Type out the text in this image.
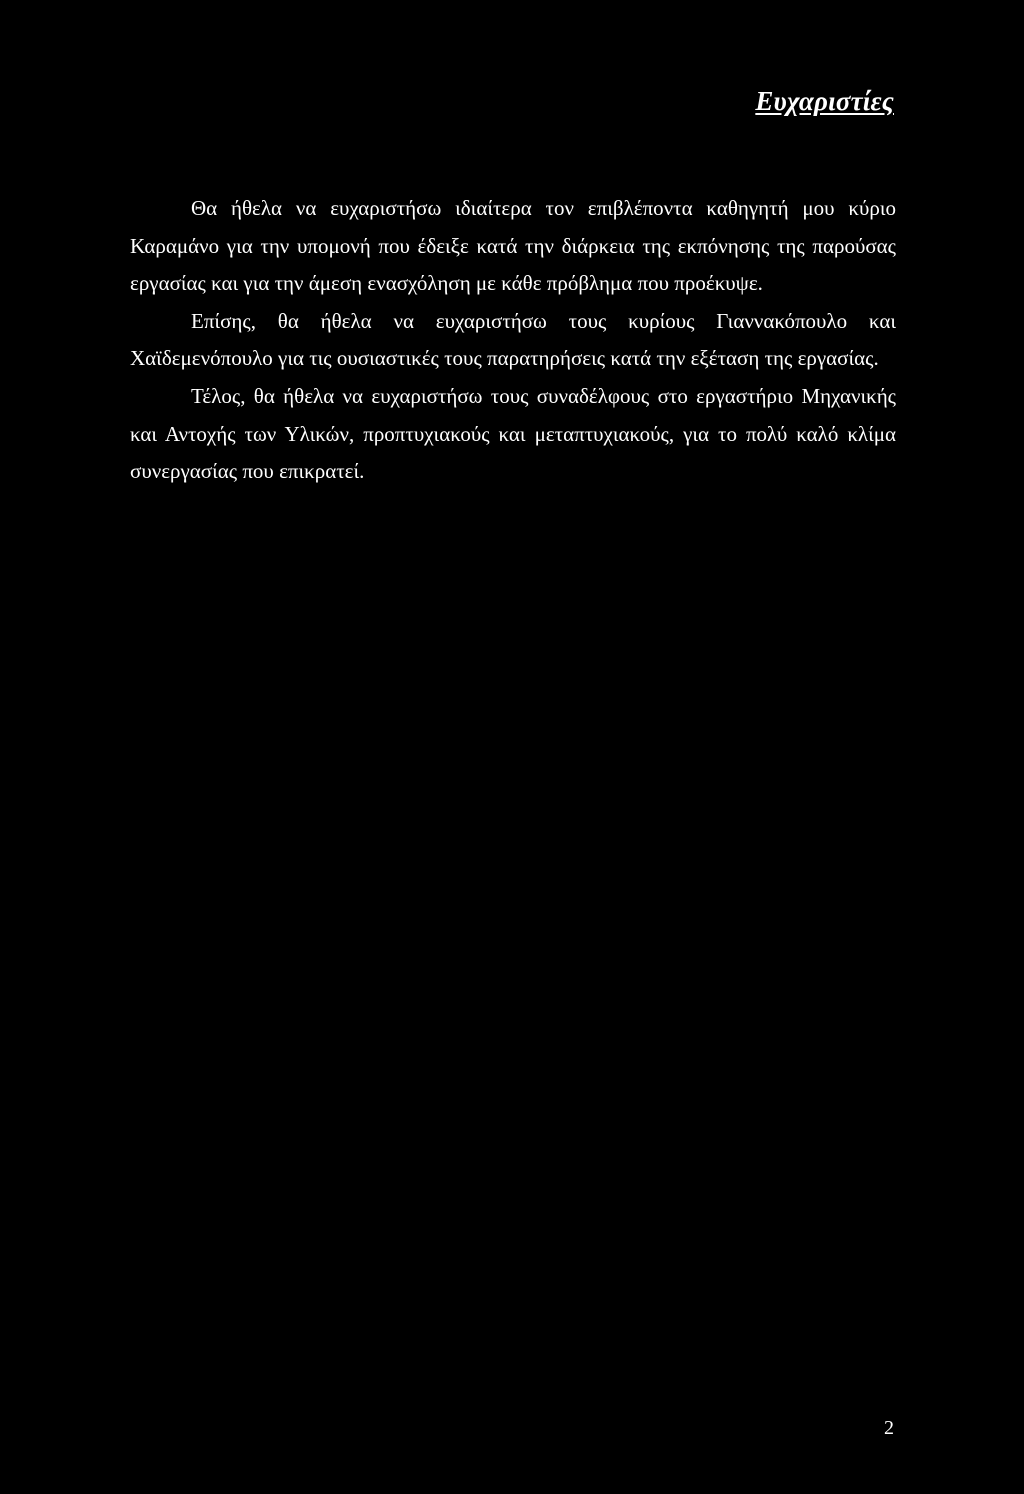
Ευχαριστίες

Θα ήθελα να ευχαριστήσω ιδιαίτερα τον επιβλέποντα καθηγητή μου κύριο Καραμάνο για την υπομονή που έδειξε κατά την διάρκεια της εκπόνησης της παρούσας εργασίας και για την άμεση ενασχόληση με κάθε πρόβλημα που προέκυψε.

Επίσης, θα ήθελα να ευχαριστήσω τους κυρίους Γιαννακόπουλο και Χαϊδεμενόπουλο για τις ουσιαστικές τους παρατηρήσεις κατά την εξέταση της εργασίας.

Τέλος, θα ήθελα να ευχαριστήσω τους συναδέλφους στο εργαστήριο Μηχανικής και Αντοχής των Υλικών, προπτυχιακούς και μεταπτυχιακούς, για το πολύ καλό κλίμα συνεργασίας που επικρατεί.

2
